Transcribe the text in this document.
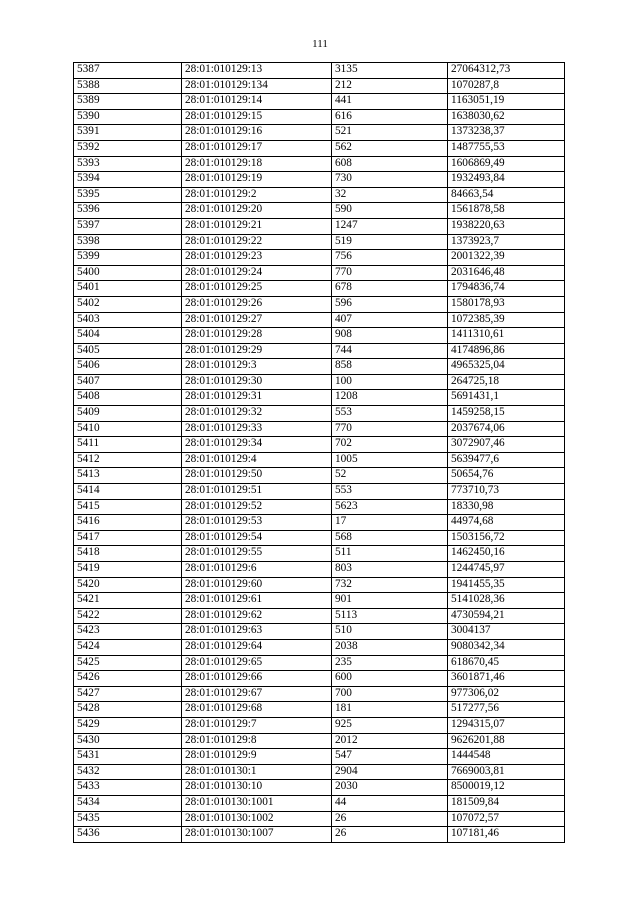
111
5387	28:01:010129:13	3135	27064312,73
5388	28:01:010129:134	212	1070287,8
5389	28:01:010129:14	441	1163051,19
5390	28:01:010129:15	616	1638030,62
5391	28:01:010129:16	521	1373238,37
5392	28:01:010129:17	562	1487755,53
5393	28:01:010129:18	608	1606869,49
5394	28:01:010129:19	730	1932493,84
5395	28:01:010129:2	32	84663,54
5396	28:01:010129:20	590	1561878,58
5397	28:01:010129:21	1247	1938220,63
5398	28:01:010129:22	519	1373923,7
5399	28:01:010129:23	756	2001322,39
5400	28:01:010129:24	770	2031646,48
5401	28:01:010129:25	678	1794836,74
5402	28:01:010129:26	596	1580178,93
5403	28:01:010129:27	407	1072385,39
5404	28:01:010129:28	908	1411310,61
5405	28:01:010129:29	744	4174896,86
5406	28:01:010129:3	858	4965325,04
5407	28:01:010129:30	100	264725,18
5408	28:01:010129:31	1208	5691431,1
5409	28:01:010129:32	553	1459258,15
5410	28:01:010129:33	770	2037674,06
5411	28:01:010129:34	702	3072907,46
5412	28:01:010129:4	1005	5639477,6
5413	28:01:010129:50	52	50654,76
5414	28:01:010129:51	553	773710,73
5415	28:01:010129:52	5623	18330,98
5416	28:01:010129:53	17	44974,68
5417	28:01:010129:54	568	1503156,72
5418	28:01:010129:55	511	1462450,16
5419	28:01:010129:6	803	1244745,97
5420	28:01:010129:60	732	1941455,35
5421	28:01:010129:61	901	5141028,36
5422	28:01:010129:62	5113	4730594,21
5423	28:01:010129:63	510	3004137
5424	28:01:010129:64	2038	9080342,34
5425	28:01:010129:65	235	618670,45
5426	28:01:010129:66	600	3601871,46
5427	28:01:010129:67	700	977306,02
5428	28:01:010129:68	181	517277,56
5429	28:01:010129:7	925	1294315,07
5430	28:01:010129:8	2012	9626201,88
5431	28:01:010129:9	547	1444548
5432	28:01:010130:1	2904	7669003,81
5433	28:01:010130:10	2030	8500019,12
5434	28:01:010130:1001	44	181509,84
5435	28:01:010130:1002	26	107072,57
5436	28:01:010130:1007	26	107181,46
